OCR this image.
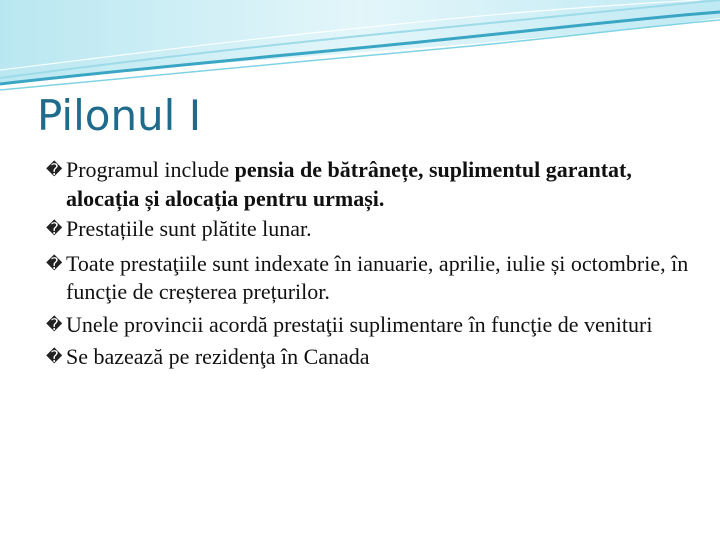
Pilonul I
� Programul include pensia de bătrânețe, suplimentul garantat, alocația și alocația pentru urmași.
� Prestațiile sunt plătite lunar.
� Toate prestaţiile sunt indexate în ianuarie, aprilie, iulie și octombrie, în funcţie de creșterea prețurilor.
� Unele provincii acordă prestaţii suplimentare în funcţie de venituri
� Se bazează pe rezidenţa în Canada
